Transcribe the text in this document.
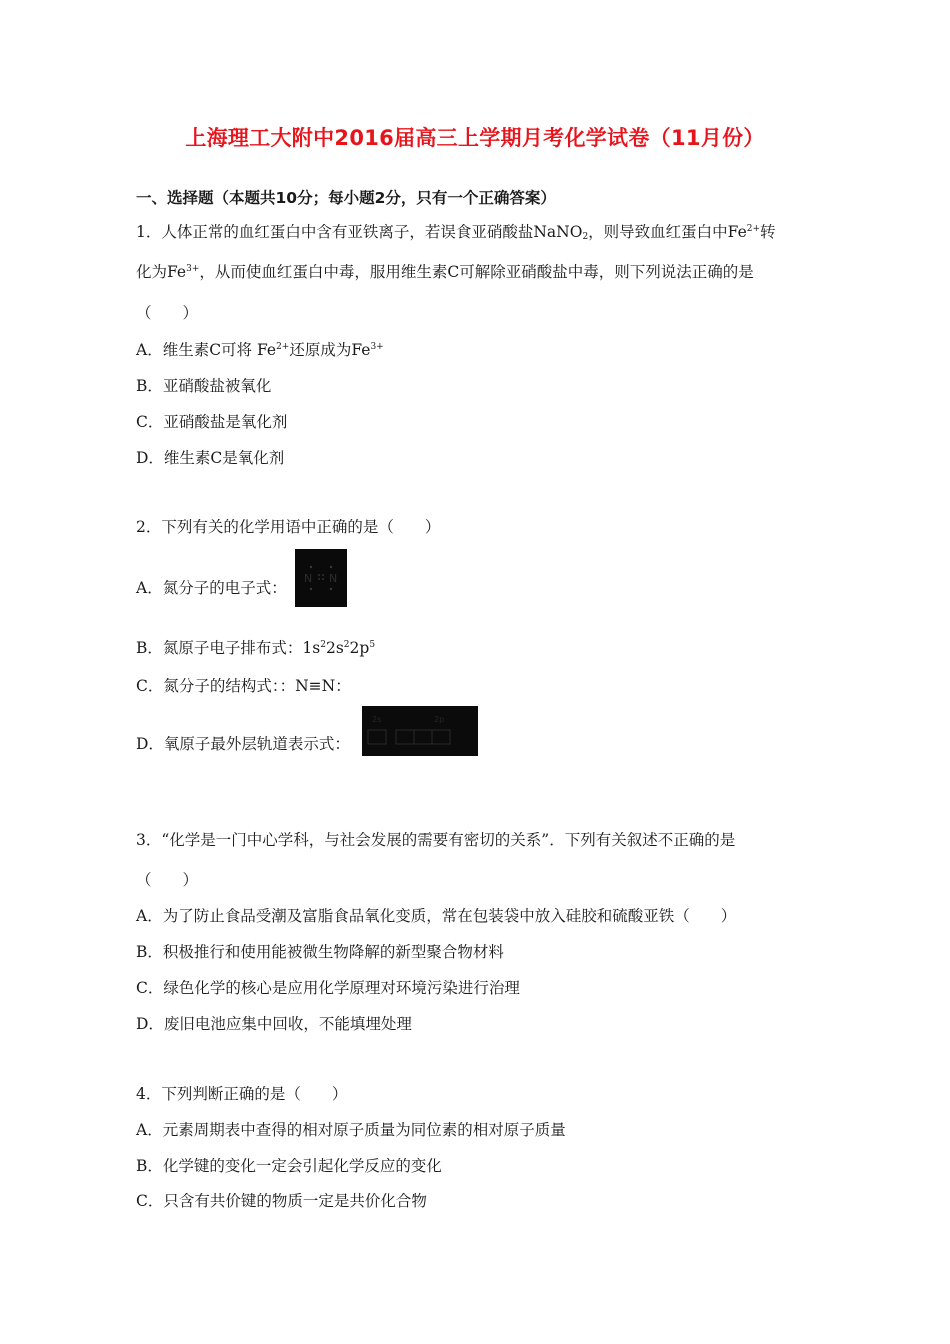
上海理工大附中2016届高三上学期月考化学试卷（11月份）
一、选择题（本题共10分；每小题2分，只有一个正确答案）
1．人体正常的血红蛋白中含有亚铁离子，若误食亚硝酸盐NaNO$_2$，则导致血红蛋白中$Fe^{2+}$转
化为$Fe^{3+}$，从而使血红蛋白中毒，服用维生素C可解除亚硝酸盐中毒，则下列说法正确的是
（　　）
A．维生素C可将 $Fe^{2+}$还原成为$Fe^{3+}$
B．亚硝酸盐被氧化
C．亚硝酸盐是氧化剂
D．维生素C是氧化剂
2．下列有关的化学用语中正确的是（　　）
A．氮分子的电子式：
N N
B．氮原子电子排布式：$1s^22s^22p^5$
C．氮分子的结构式：：N≡N：
D．氧原子最外层轨道表示式：
2s	2p
3．“化学是一门中心学科，与社会发展的需要有密切的关系”．下列有关叙述不正确的是
（　　）
A．为了防止食品受潮及富脂食品氧化变质，常在包装袋中放入硅胶和硫酸亚铁（　　）
B．积极推行和使用能被微生物降解的新型聚合物材料
C．绿色化学的核心是应用化学原理对环境污染进行治理
D．废旧电池应集中回收，不能填埋处理
4．下列判断正确的是（　　）
A．元素周期表中查得的相对原子质量为同位素的相对原子质量
B．化学键的变化一定会引起化学反应的变化
C．只含有共价键的物质一定是共价化合物
